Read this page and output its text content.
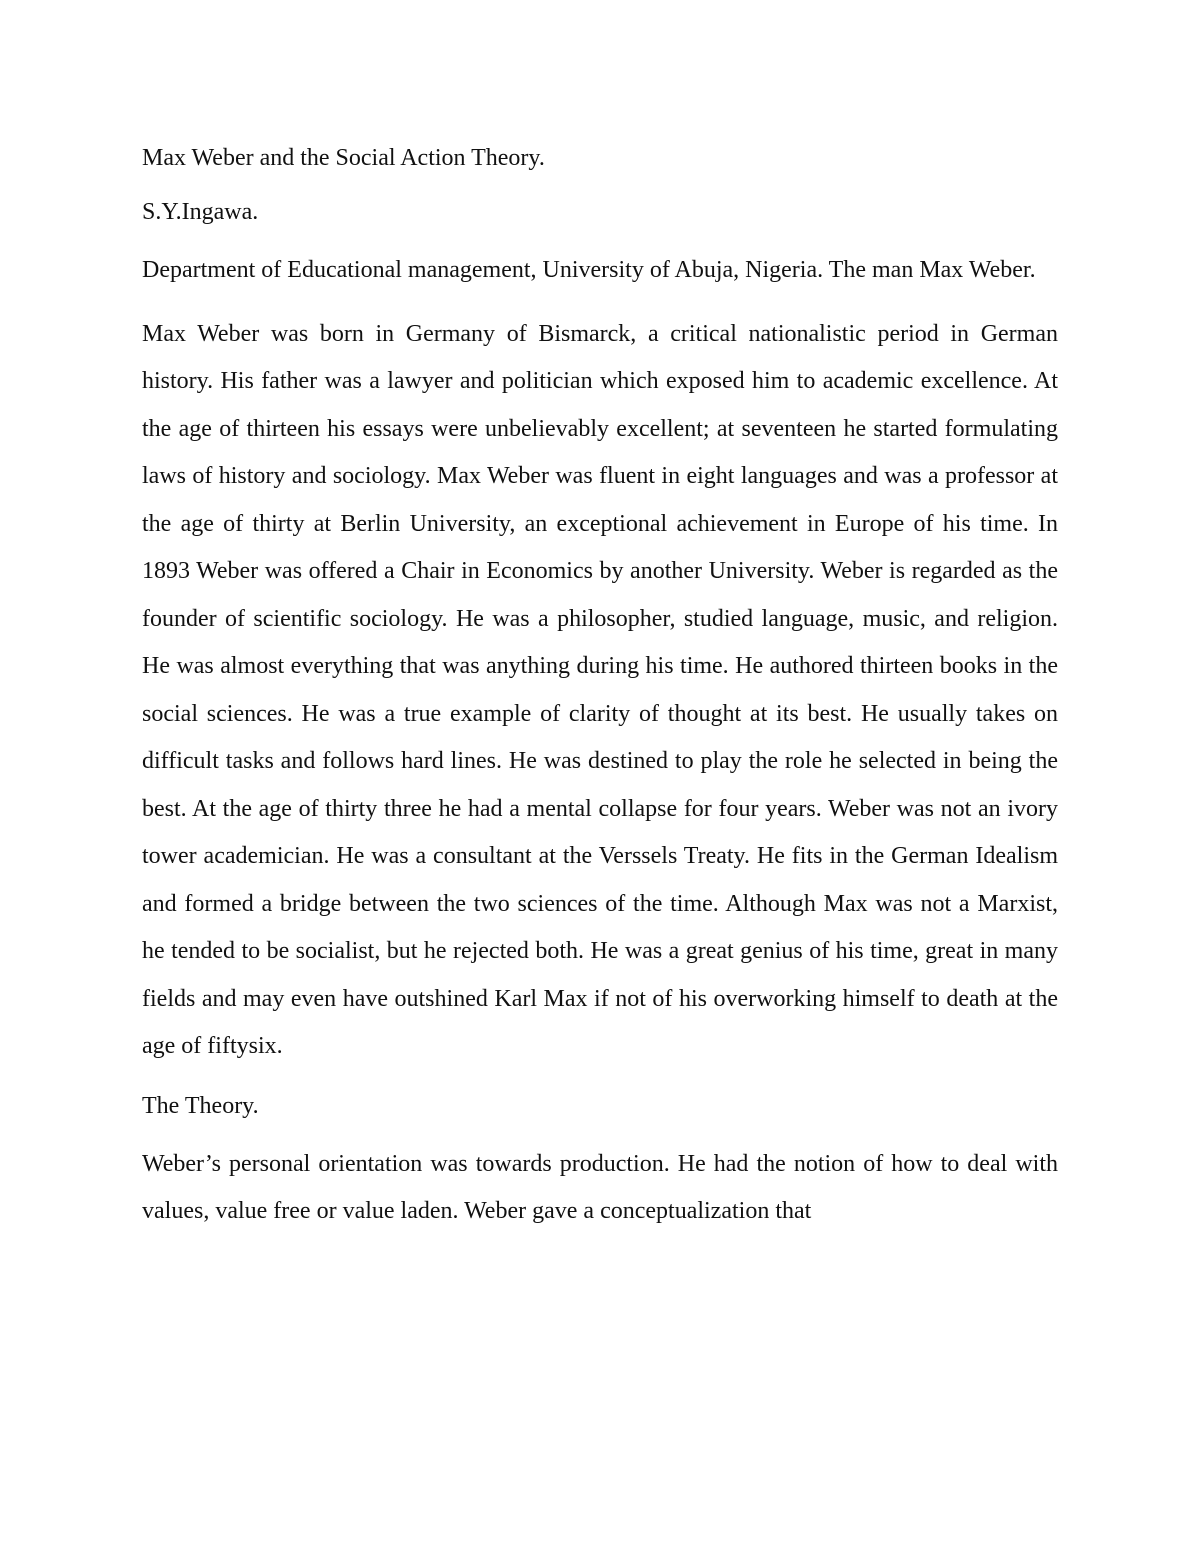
Max Weber and the Social Action Theory.

S.Y.Ingawa.

Department of Educational management, University of Abuja, Nigeria. The man Max Weber.

Max Weber was born in Germany of Bismarck, a critical nationalistic period in German history. His father was a lawyer and politician which exposed him to academic excellence. At the age of thirteen his essays were unbelievably excellent; at seventeen he started formulating laws of history and sociology. Max Weber was fluent in eight languages and was a professor at the age of thirty at Berlin University, an exceptional achievement in Europe of his time. In 1893 Weber was offered a Chair in Economics by another University. Weber is regarded as the founder of scientific sociology. He was a philosopher, studied language, music, and religion. He was almost everything that was anything during his time. He authored thirteen books in the social sciences. He was a true example of clarity of thought at its best. He usually takes on difficult tasks and follows hard lines. He was destined to play the role he selected in being the best. At the age of thirty three he had a mental collapse for four years. Weber was not an ivory tower academician. He was a consultant at the Verssels Treaty. He fits in the German Idealism and formed a bridge between the two sciences of the time. Although Max was not a Marxist, he tended to be socialist, but he rejected both. He was a great genius of his time, great in many fields and may even have outshined Karl Max if not of his overworking himself to death at the age of fiftysix.

The Theory.

Weber’s personal orientation was towards production. He had the notion of how to deal with values, value free or value laden. Weber gave a conceptualization that
